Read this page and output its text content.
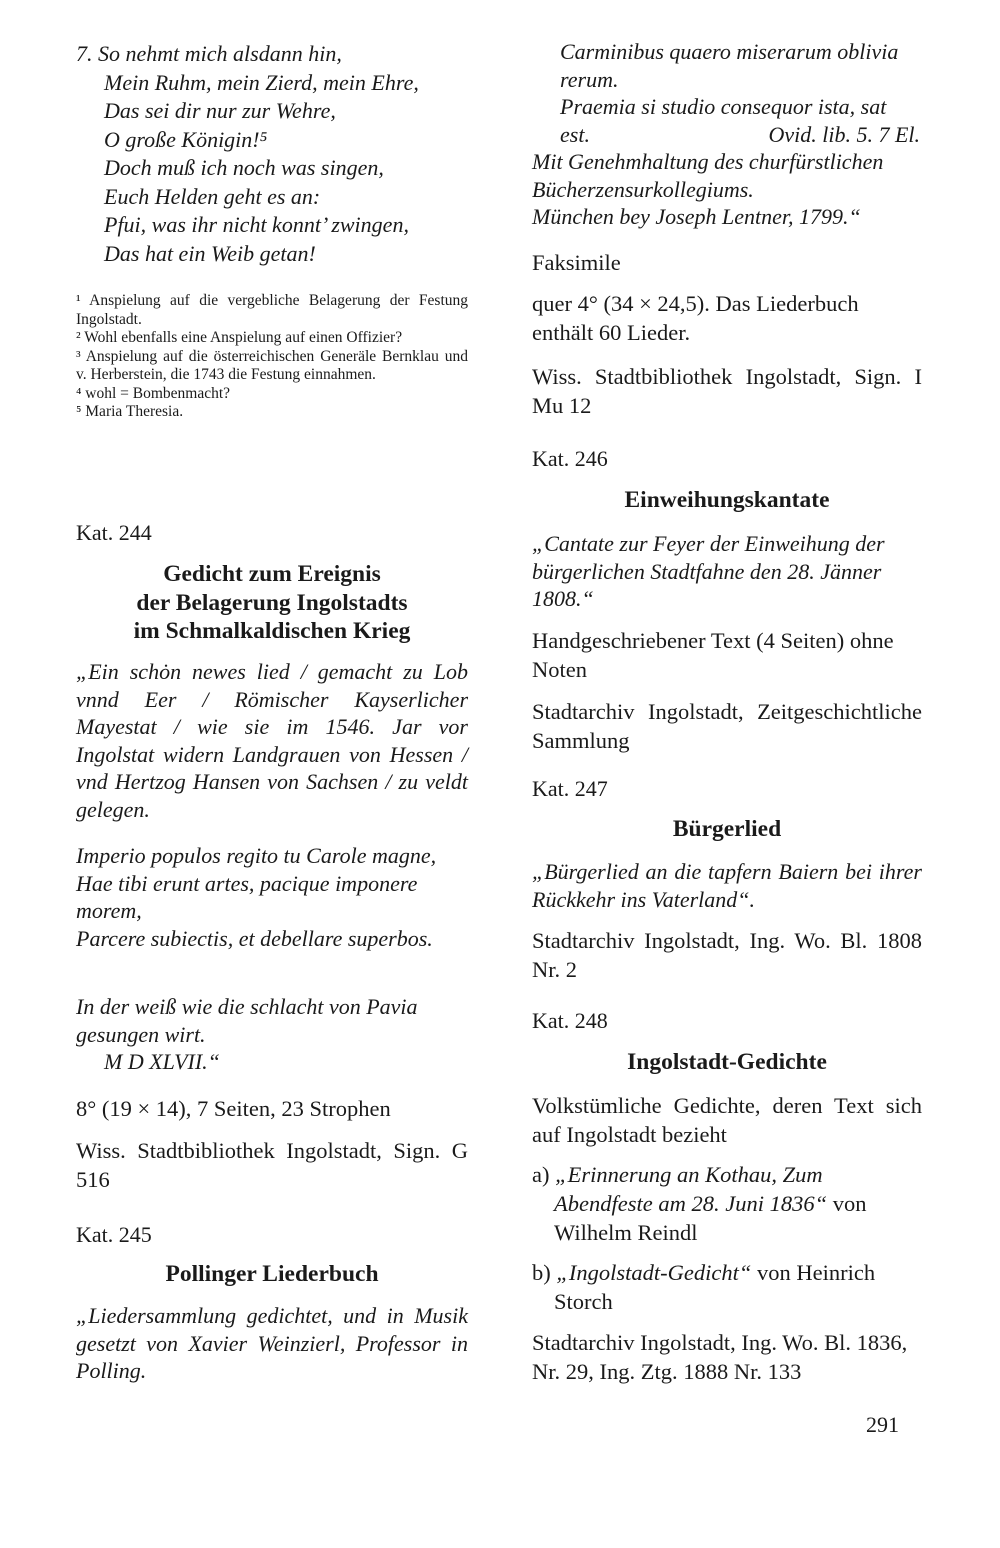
7. So nehmt mich alsdann hin,
Mein Ruhm, mein Zierd, mein Ehre,
Das sei dir nur zur Wehre,
O große Königin!⁵
Doch muß ich noch was singen,
Euch Helden geht es an:
Pfui, was ihr nicht konnt’ zwingen,
Das hat ein Weib getan!
¹ Anspielung auf die vergebliche Belagerung der Festung Ingolstadt.
² Wohl ebenfalls eine Anspielung auf einen Offizier?
³ Anspielung auf die österreichischen Generäle Bernklau und v. Herberstein, die 1743 die Festung einnahmen.
⁴ wohl = Bombenmacht?
⁵ Maria Theresia.
Kat. 244
Gedicht zum Ereignis
der Belagerung Ingolstadts
im Schmalkaldischen Krieg
„Ein schȯn newes lied / gemacht zu Lob vnnd Eer / Römischer Kayserlicher Mayestat / wie sie im 1546. Jar vor Ingolstat widern Landgrauen von Hessen / vnd Hertzog Hansen von Sachsen / zu veldt gelegen.
Imperio populos regito tu Carole magne,
Hae tibi erunt artes, pacique imponere morem,
Parcere subiectis, et debellare superbos.
In der weiß wie die schlacht von Pavia gesungen wirt.
M D XLVII.“
8° (19 × 14), 7 Seiten, 23 Strophen
Wiss. Stadtbibliothek Ingolstadt, Sign. G 516
Kat. 245
Pollinger Liederbuch
„Liedersammlung gedichtet, und in Musik gesetzt von Xavier Weinzierl, Professor in Polling.
Carminibus quaero miserarum oblivia rerum.
Praemia si studio consequor ista, sat
est.	Ovid. lib. 5. 7 El.
Mit Genehmhaltung des churfürstlichen Bücherzensurkollegiums.
München bey Joseph Lentner, 1799.“
Faksimile
quer 4° (34 × 24,5). Das Liederbuch enthält 60 Lieder.
Wiss. Stadtbibliothek Ingolstadt, Sign. I Mu 12
Kat. 246
Einweihungskantate
„Cantate zur Feyer der Einweihung der bürgerlichen Stadtfahne den 28. Jänner 1808.“
Handgeschriebener Text (4 Seiten) ohne Noten
Stadtarchiv Ingolstadt, Zeitgeschichtliche Sammlung
Kat. 247
Bürgerlied
„Bürgerlied an die tapfern Baiern bei ihrer Rückkehr ins Vaterland“.
Stadtarchiv Ingolstadt, Ing. Wo. Bl. 1808 Nr. 2
Kat. 248
Ingolstadt-Gedichte
Volkstümliche Gedichte, deren Text sich auf Ingolstadt bezieht
a) „Erinnerung an Kothau, Zum Abendfeste am 28. Juni 1836“ von Wilhelm Reindl
b) „Ingolstadt-Gedicht“ von Heinrich Storch
Stadtarchiv Ingolstadt, Ing. Wo. Bl. 1836, Nr. 29, Ing. Ztg. 1888 Nr. 133
291
